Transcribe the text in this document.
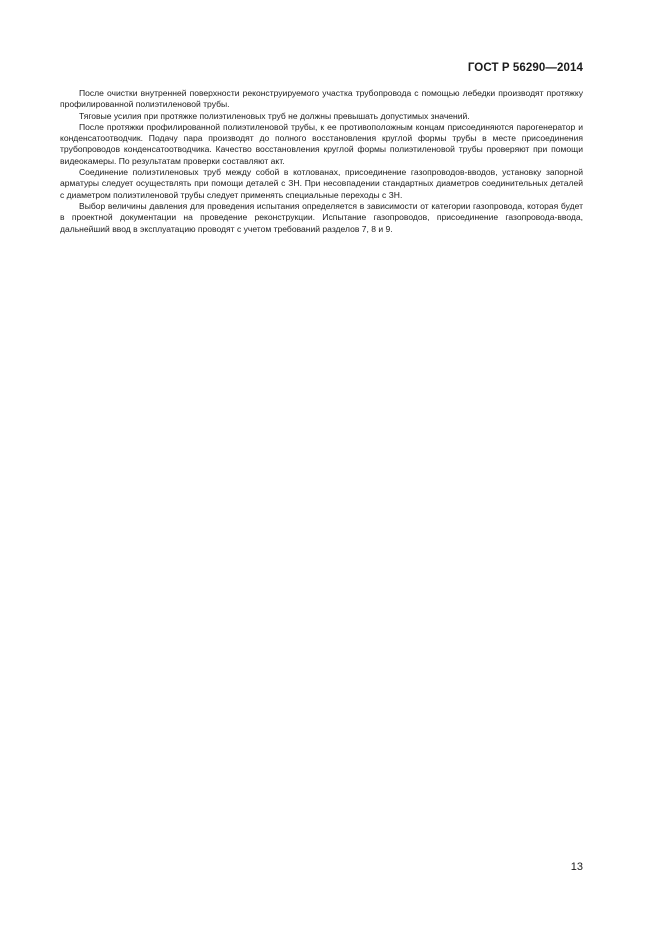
ГОСТ Р 56290—2014

После очистки внутренней поверхности реконструируемого участка трубопровода с помощью лебедки производят протяжку профилированной полиэтиленовой трубы.

Тяговые усилия при протяжке полиэтиленовых труб не должны превышать допустимых значений.

После протяжки профилированной полиэтиленовой трубы, к ее противоположным концам присоединяются парогенератор и конденсатоотводчик. Подачу пара производят до полного восстановления круглой формы трубы в месте присоединения трубопроводов конденсатоотводчика. Качество восстановления круглой формы полиэтиленовой трубы проверяют при помощи видеокамеры. По результатам проверки составляют акт.

Соединение полиэтиленовых труб между собой в котлованах, присоединение газопроводов-вводов, установку запорной арматуры следует осуществлять при помощи деталей с ЗН. При несовпадении стандартных диаметров соединительных деталей с диаметром полиэтиленовой трубы следует применять специальные переходы с ЗН.

Выбор величины давления для проведения испытания определяется в зависимости от категории газопровода, которая будет в проектной документации на проведение реконструкции. Испытание газопроводов, присоединение газопровода-ввода, дальнейший ввод в эксплуатацию проводят с учетом требований разделов 7, 8 и 9.

13
